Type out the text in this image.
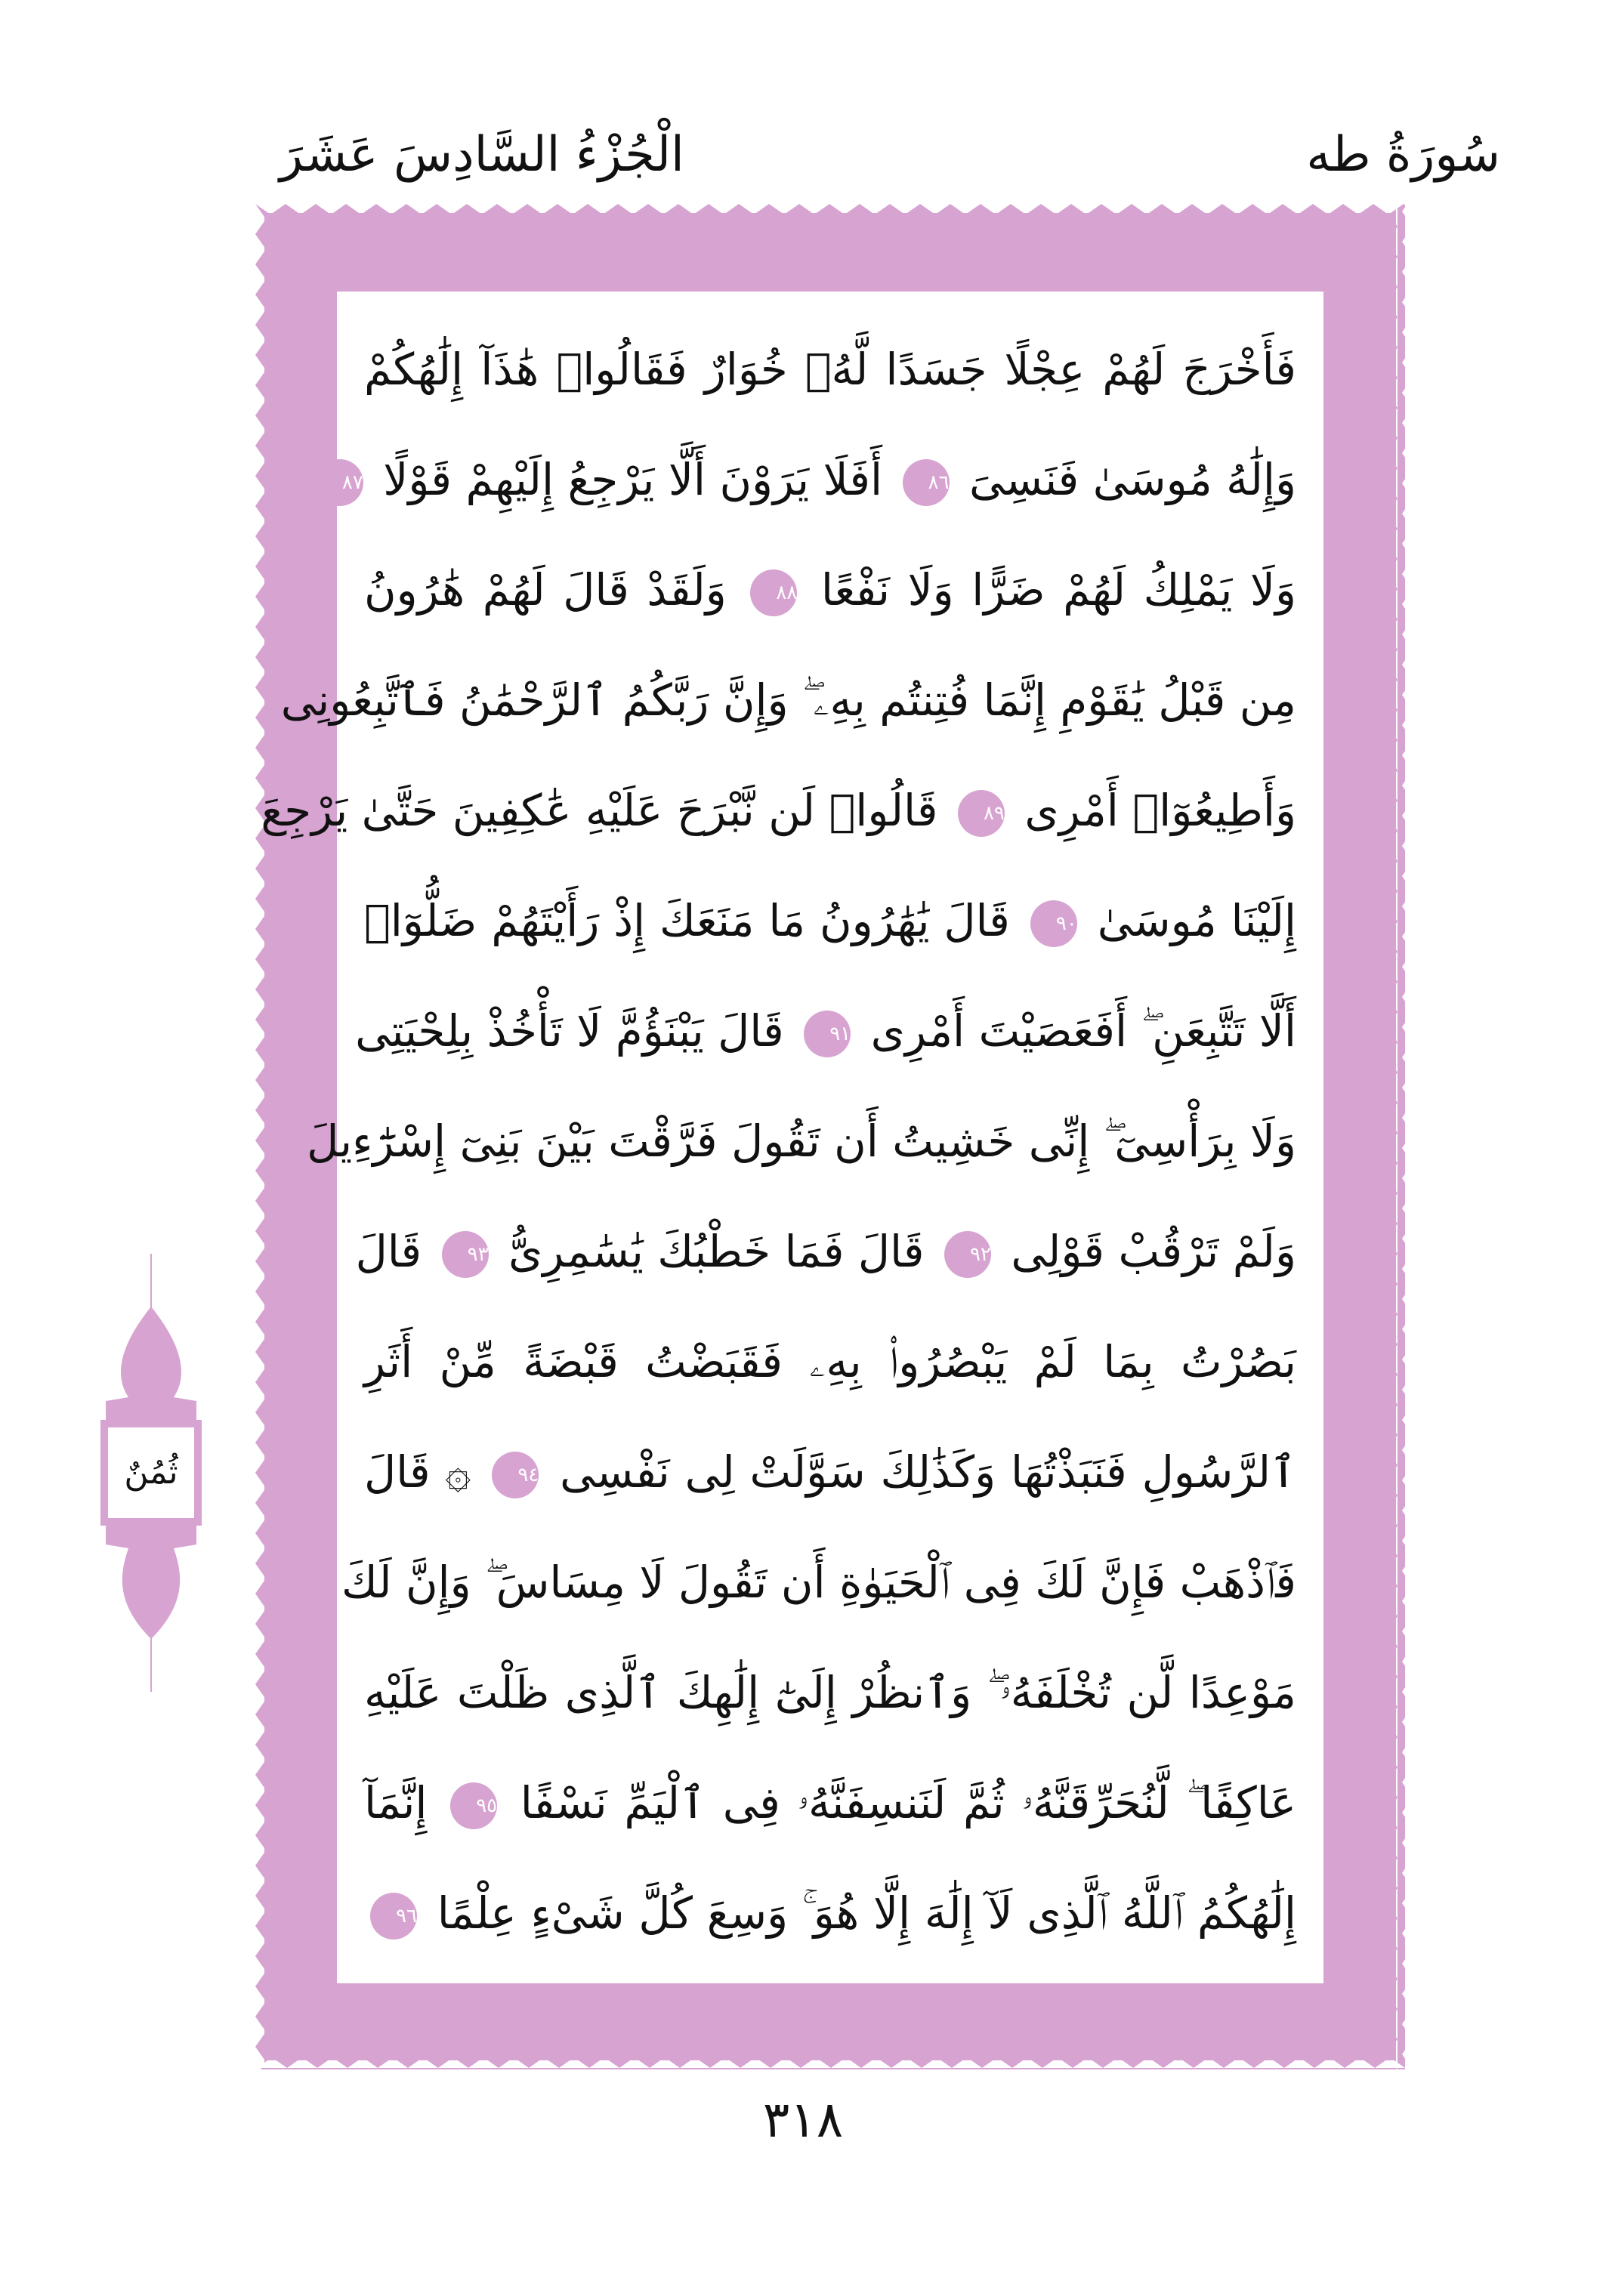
سُورَةُ طه
الْجُزْءُ السَّادِسَ عَشَرَ
فَأَخْرَجَ لَهُمْ عِجْلًا جَسَدًا لَّهُۥ خُوَارٌ فَقَالُوا۟ هَٰذَآ إِلَٰهُكُمْ
وَإِلَٰهُ مُوسَىٰ فَنَسِىَ ٨٦ أَفَلَا يَرَوْنَ أَلَّا يَرْجِعُ إِلَيْهِمْ قَوْلًا ٨٧
وَلَا يَمْلِكُ لَهُمْ ضَرًّا وَلَا نَفْعًا ٨٨ وَلَقَدْ قَالَ لَهُمْ هَٰرُونُ
مِن قَبْلُ يَٰقَوْمِ إِنَّمَا فُتِنتُم بِهِۦ ۖ وَإِنَّ رَبَّكُمُ ٱلرَّحْمَٰنُ فَٱتَّبِعُونِى
وَأَطِيعُوٓا۟ أَمْرِى ٨٩ قَالُوا۟ لَن نَّبْرَحَ عَلَيْهِ عَٰكِفِينَ حَتَّىٰ يَرْجِعَ
إِلَيْنَا مُوسَىٰ ٩٠ قَالَ يَٰهَٰرُونُ مَا مَنَعَكَ إِذْ رَأَيْتَهُمْ ضَلُّوٓا۟
أَلَّا تَتَّبِعَنِ ۖ أَفَعَصَيْتَ أَمْرِى ٩١ قَالَ يَبْنَؤُمَّ لَا تَأْخُذْ بِلِحْيَتِى
وَلَا بِرَأْسِىٓ ۖ إِنِّى خَشِيتُ أَن تَقُولَ فَرَّقْتَ بَيْنَ بَنِىٓ إِسْرَٰٓءِيلَ
وَلَمْ تَرْقُبْ قَوْلِى ٩٢ قَالَ فَمَا خَطْبُكَ يَٰسَٰمِرِىُّ ٩٣ قَالَ
بَصُرْتُ بِمَا لَمْ يَبْصُرُوا۟ بِهِۦ فَقَبَضْتُ قَبْضَةً مِّنْ أَثَرِ
ٱلرَّسُولِ فَنَبَذْتُهَا وَكَذَٰلِكَ سَوَّلَتْ لِى نَفْسِى ٩٤ ۞ قَالَ
فَٱذْهَبْ فَإِنَّ لَكَ فِى ٱلْحَيَوٰةِ أَن تَقُولَ لَا مِسَاسَ ۖ وَإِنَّ لَكَ
مَوْعِدًا لَّن تُخْلَفَهُۥ ۖ وَٱنظُرْ إِلَىٰٓ إِلَٰهِكَ ٱلَّذِى ظَلْتَ عَلَيْهِ
عَاكِفًا ۖ لَّنُحَرِّقَنَّهُۥ ثُمَّ لَنَنسِفَنَّهُۥ فِى ٱلْيَمِّ نَسْفًا ٩٥ إِنَّمَآ
إِلَٰهُكُمُ ٱللَّهُ ٱلَّذِى لَآ إِلَٰهَ إِلَّا هُوَ ۚ وَسِعَ كُلَّ شَىْءٍ عِلْمًا ٩٦
ثُمُنٌ
٣١٨
